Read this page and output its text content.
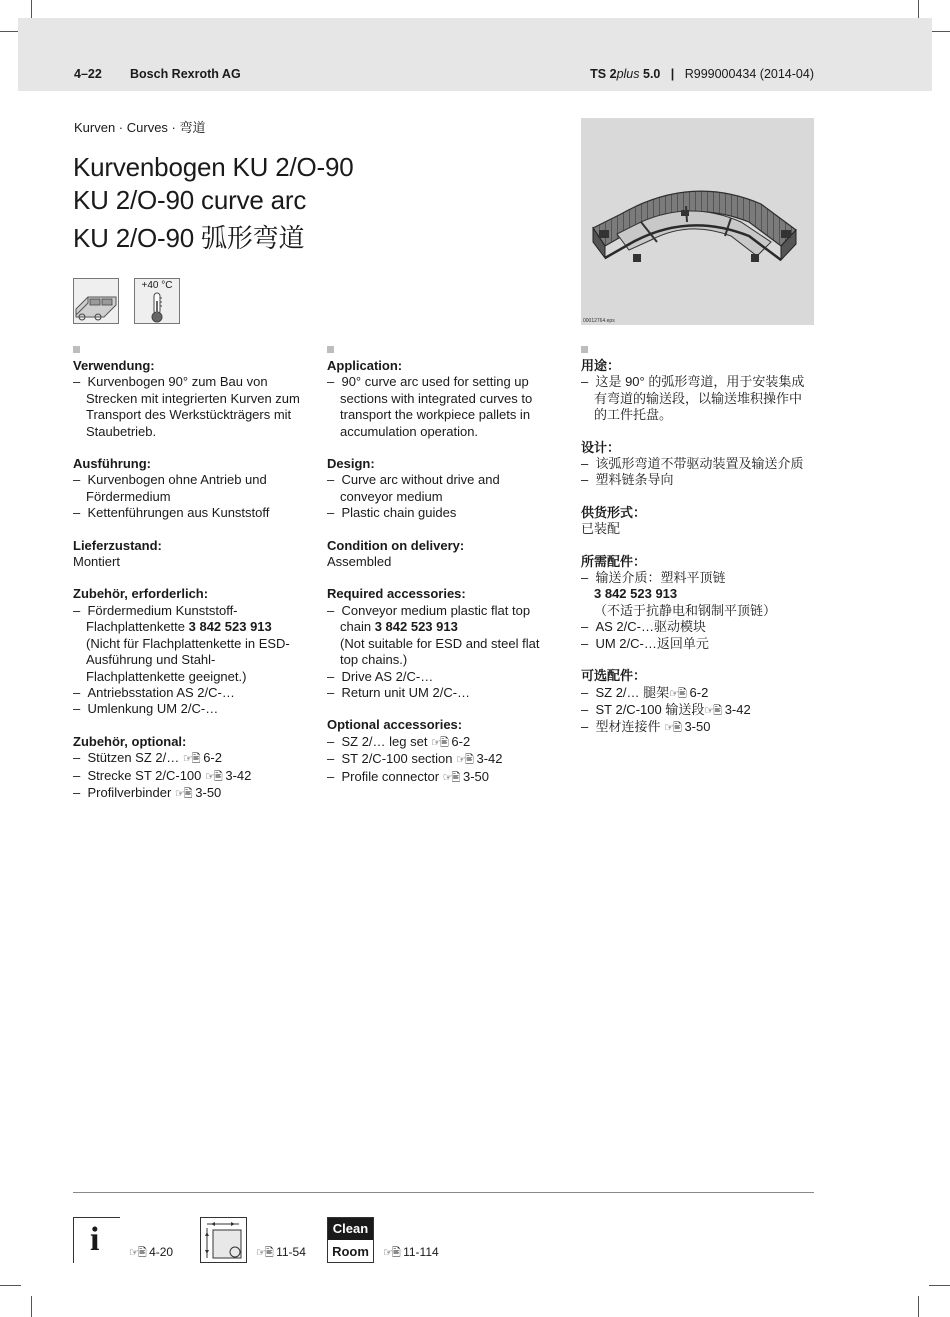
4–22 Bosch Rexroth AG	TS 2plus 5.0 | R999000434 (2014-04)
Kurven · Curves · 弯道
Kurvenbogen KU 2/O-90
KU 2/O-90 curve arc
KU 2/O-90 弧形弯道
+40 °C
00012764.eps
Verwendung:

– Kurvenbogen 90° zum Bau von Strecken mit integrierten Kurven zum Transport des Werkstückträgers mit Staubetrieb.

Ausführung:

– Kurvenbogen ohne Antrieb und Fördermedium

– Kettenführungen aus Kunststoff

Lieferzustand:

Montiert

Zubehör, erforderlich:

– Fördermedium Kunststoff-Flachplattenkette 3 842 523 913

(Nicht für Flachplattenkette in ESD-Ausführung und Stahl-Flachplattenkette geeignet.)

– Antriebsstation AS 2/C-…

– Umlenkung UM 2/C-…

Zubehör, optional:

– Stützen SZ 2/… ☞🖹 6-2

– Strecke ST 2/C-100 ☞🖹 3-42

– Profilverbinder ☞🖹 3-50

Application:

– 90° curve arc used for setting up sections with integrated curves to transport the workpiece pallets in accumulation operation.

Design:

– Curve arc without drive and conveyor medium

– Plastic chain guides

Condition on delivery:

Assembled

Required accessories:

– Conveyor medium plastic flat top chain 3 842 523 913

(Not suitable for ESD and steel flat top chains.)

– Drive AS 2/C-…

– Return unit UM 2/C-…

Optional accessories:

– SZ 2/… leg set ☞🖹 6-2

– ST 2/C-100 section ☞🖹 3-42

– Profile connector ☞🖹 3-50

用途：

– 这是 90° 的弧形弯道，用于安装集成有弯道的输送段，以输送堆积操作中的工件托盘。

设计：

– 该弧形弯道不带驱动装置及输送介质

– 塑料链条导向

供货形式：

已装配

所需配件：

– 输送介质：塑料平顶链

3 842 523 913

（不适于抗静电和钢制平顶链）

– AS 2/C-…驱动模块

– UM 2/C-…返回单元

可选配件：

– SZ 2/… 腿架☞🖹 6-2

– ST 2/C-100 输送段☞🖹 3-42

– 型材连接件 ☞🖹 3-50

i	☞🖹 4-20	☞🖹 11-54
Clean
Room	☞🖹 11-114
